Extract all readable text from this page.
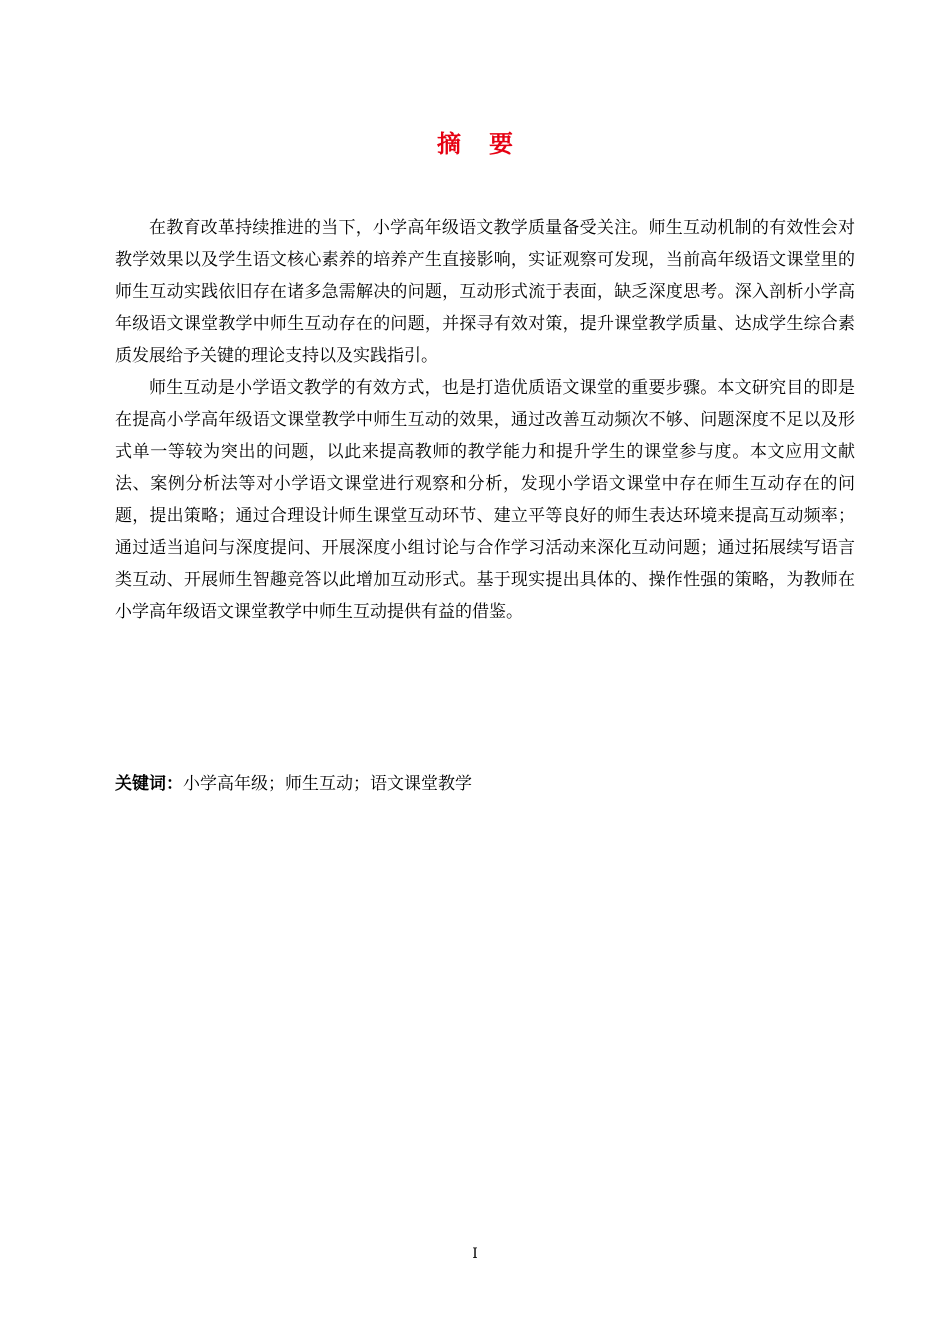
摘要

在教育改革持续推进的当下，小学高年级语文教学质量备受关注。师生互动机制的有效性会对教学效果以及学生语文核心素养的培养产生直接影响，实证观察可发现，当前高年级语文课堂里的师生互动实践依旧存在诸多急需解决的问题，互动形式流于表面，缺乏深度思考。深入剖析小学高年级语文课堂教学中师生互动存在的问题，并探寻有效对策，提升课堂教学质量、达成学生综合素质发展给予关键的理论支持以及实践指引。

师生互动是小学语文教学的有效方式，也是打造优质语文课堂的重要步骤。本文研究目的即是在提高小学高年级语文课堂教学中师生互动的效果，通过改善互动频次不够、问题深度不足以及形式单一等较为突出的问题，以此来提高教师的教学能力和提升学生的课堂参与度。本文应用文献法、案例分析法等对小学语文课堂进行观察和分析，发现小学语文课堂中存在师生互动存在的问题，提出策略；通过合理设计师生课堂互动环节、建立平等良好的师生表达环境来提高互动频率；通过适当追问与深度提问、开展深度小组讨论与合作学习活动来深化互动问题；通过拓展续写语言类互动、开展师生智趣竞答以此增加互动形式。基于现实提出具体的、操作性强的策略，为教师在小学高年级语文课堂教学中师生互动提供有益的借鉴。

关键词：小学高年级；师生互动；语文课堂教学
I
